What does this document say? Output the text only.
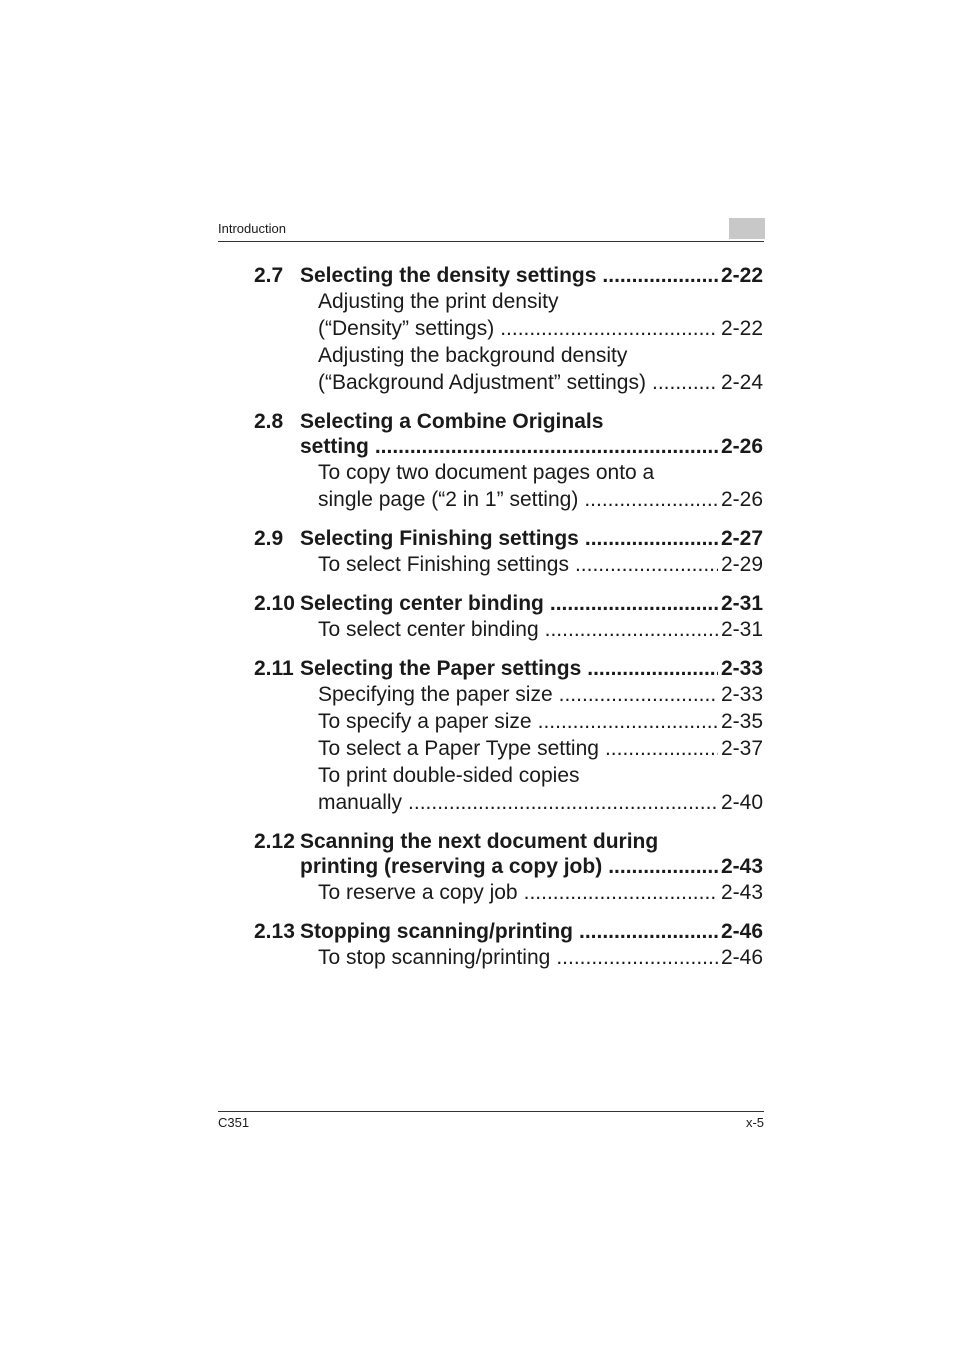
Introduction
2.7 Selecting the density settings .....	2-22
Adjusting the print density
(“Density” settings) .....	2-22
Adjusting the background density
(“Background Adjustment” settings) .....	2-24
2.8 Selecting a Combine Originals
setting .....	2-26
To copy two document pages onto a
single page (“2 in 1” setting) .....	2-26
2.9 Selecting Finishing settings .....	2-27
To select Finishing settings .....	2-29
2.10 Selecting center binding .....	2-31
To select center binding .....	2-31
2.11 Selecting the Paper settings .....	2-33
Specifying the paper size .....	2-33
To specify a paper size .....	2-35
To select a Paper Type setting .....	2-37
To print double-sided copies
manually .....	2-40
2.12 Scanning the next document during
printing (reserving a copy job) .....	2-43
To reserve a copy job .....	2-43
2.13 Stopping scanning/printing .....	2-46
To stop scanning/printing .....	2-46
C351	x-5
